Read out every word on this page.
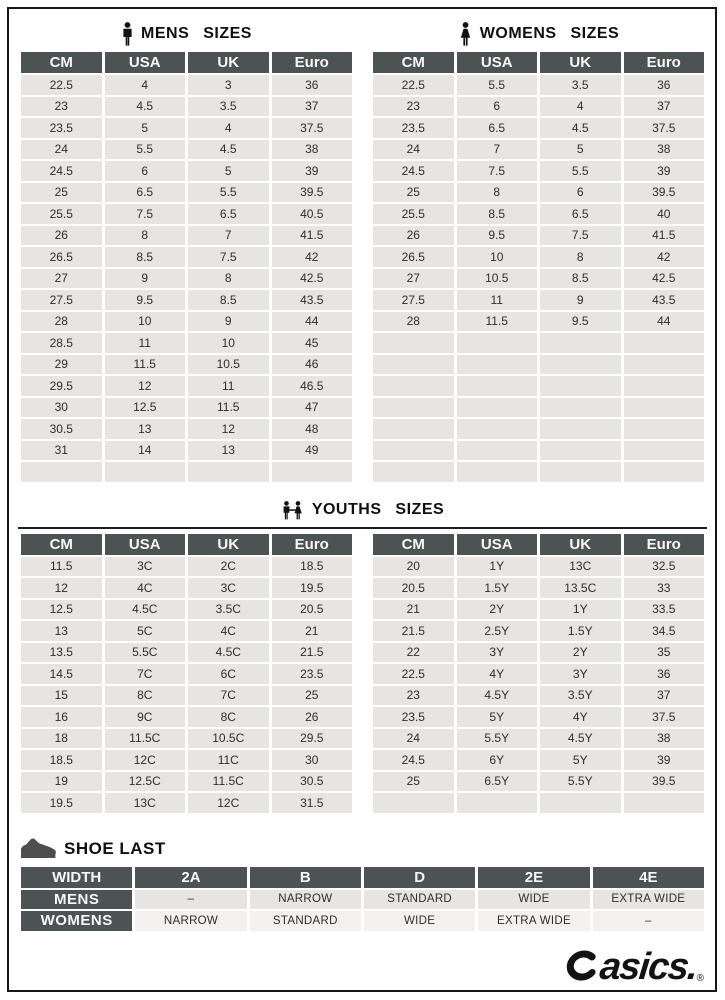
MENS SIZES
CM	USA	UK	Euro
22.5	4	3	36
23	4.5	3.5	37
23.5	5	4	37.5
24	5.5	4.5	38
24.5	6	5	39
25	6.5	5.5	39.5
25.5	7.5	6.5	40.5
26	8	7	41.5
26.5	8.5	7.5	42
27	9	8	42.5
27.5	9.5	8.5	43.5
28	10	9	44
28.5	11	10	45
29	11.5	10.5	46
29.5	12	11	46.5
30	12.5	11.5	47
30.5	13	12	48
31	14	13	49

WOMENS SIZES
CM	USA	UK	Euro
22.5	5.5	3.5	36
23	6	4	37
23.5	6.5	4.5	37.5
24	7	5	38
24.5	7.5	5.5	39
25	8	6	39.5
25.5	8.5	6.5	40
26	9.5	7.5	41.5
26.5	10	8	42
27	10.5	8.5	42.5
27.5	11	9	43.5
28	11.5	9.5	44

YOUTHS SIZES
CM	USA	UK	Euro
11.5	3C	2C	18.5
12	4C	3C	19.5
12.5	4.5C	3.5C	20.5
13	5C	4C	21
13.5	5.5C	4.5C	21.5
14.5	7C	6C	23.5
15	8C	7C	25
16	9C	8C	26
18	11.5C	10.5C	29.5
18.5	12C	11C	30
19	12.5C	11.5C	30.5
19.5	13C	12C	31.5
CM	USA	UK	Euro
20	1Y	13C	32.5
20.5	1.5Y	13.5C	33
21	2Y	1Y	33.5
21.5	2.5Y	1.5Y	34.5
22	3Y	2Y	35
22.5	4Y	3Y	36
23	4.5Y	3.5Y	37
23.5	5Y	4Y	37.5
24	5.5Y	4.5Y	38
24.5	6Y	5Y	39
25	6.5Y	5.5Y	39.5

SHOE LAST
WIDTH	2A	B	D	2E	4E
MENS	–	NARROW	STANDARD	WIDE	EXTRA WIDE
WOMENS	NARROW	STANDARD	WIDE	EXTRA WIDE	–
asics.
®
